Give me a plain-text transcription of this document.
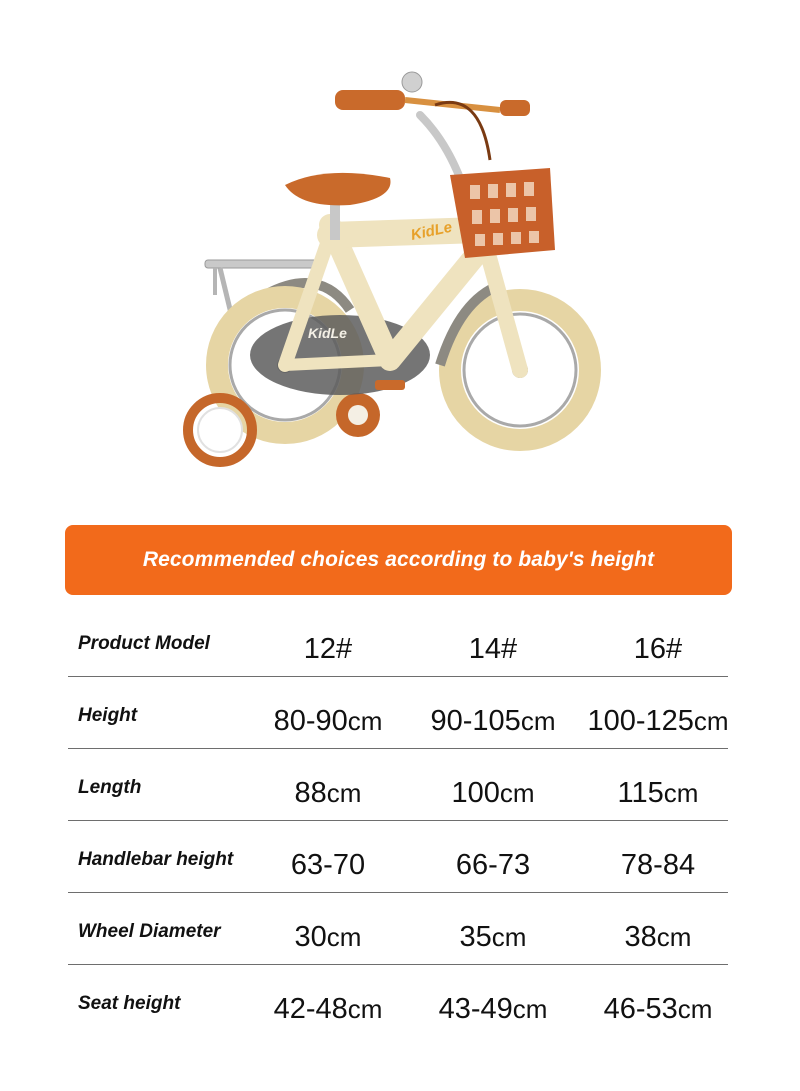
KidLe
KidLe
Recommended choices according to baby's height
Product Model	12#	14#	16#
Height	80-90cm	90-105cm	100-125cm
Length	88cm	100cm	115cm
Handlebar height	63-70	66-73	78-84
Wheel Diameter	30cm	35cm	38cm
Seat height	42-48cm	43-49cm	46-53cm
